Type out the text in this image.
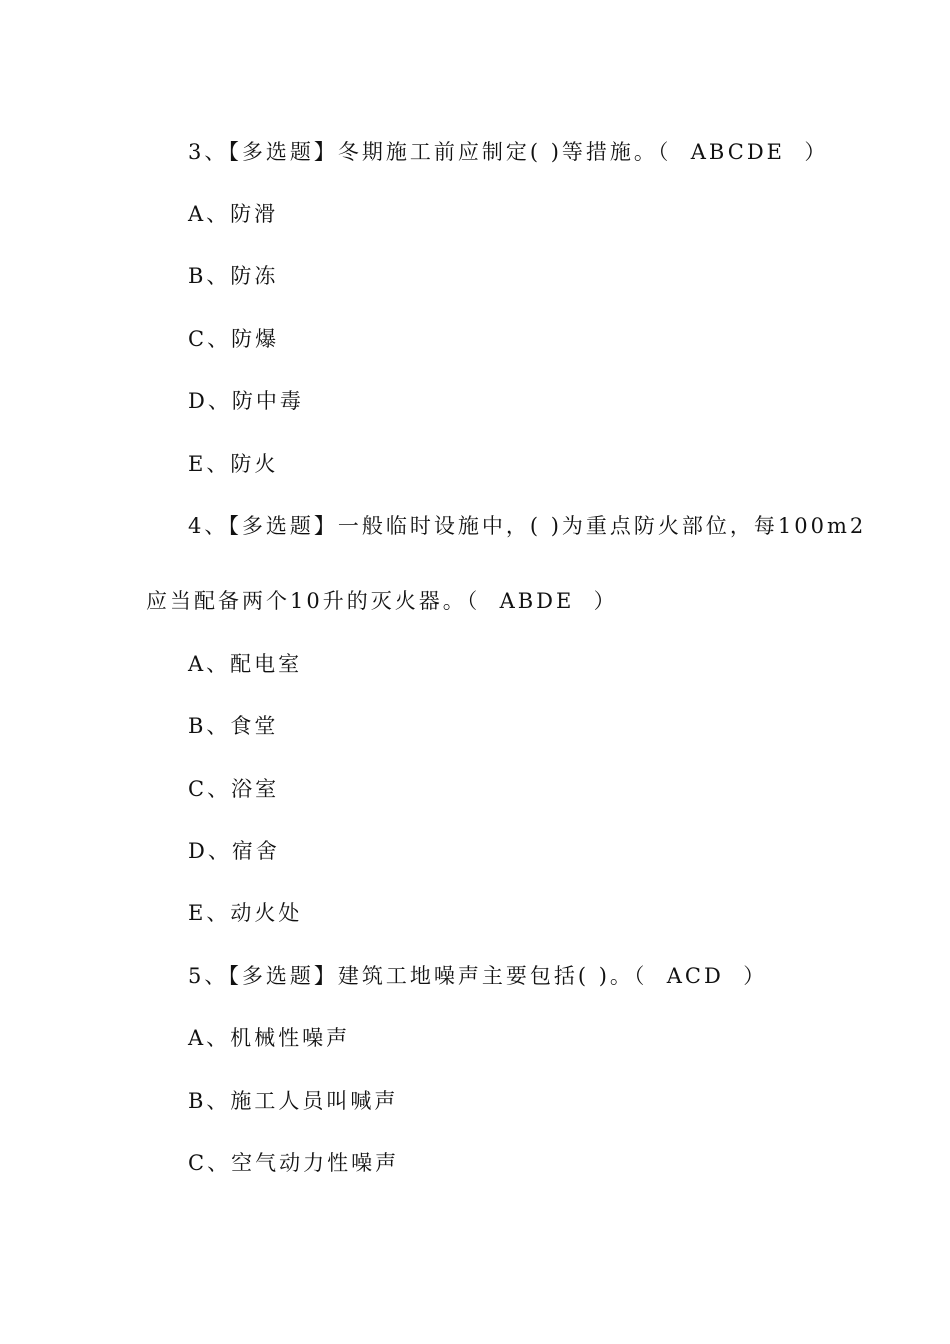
3、【多选题】冬期施工前应制定( )等措施。（  ABCDE  ）
A、防滑
B、防冻
C、防爆
D、防中毒
E、防火
4、【多选题】一般临时设施中，( )为重点防火部位，每100m2
应当配备两个10升的灭火器。（  ABDE  ）
A、配电室
B、食堂
C、浴室
D、宿舍
E、动火处
5、【多选题】建筑工地噪声主要包括( )。（  ACD  ）
A、机械性噪声
B、施工人员叫喊声
C、空气动力性噪声
